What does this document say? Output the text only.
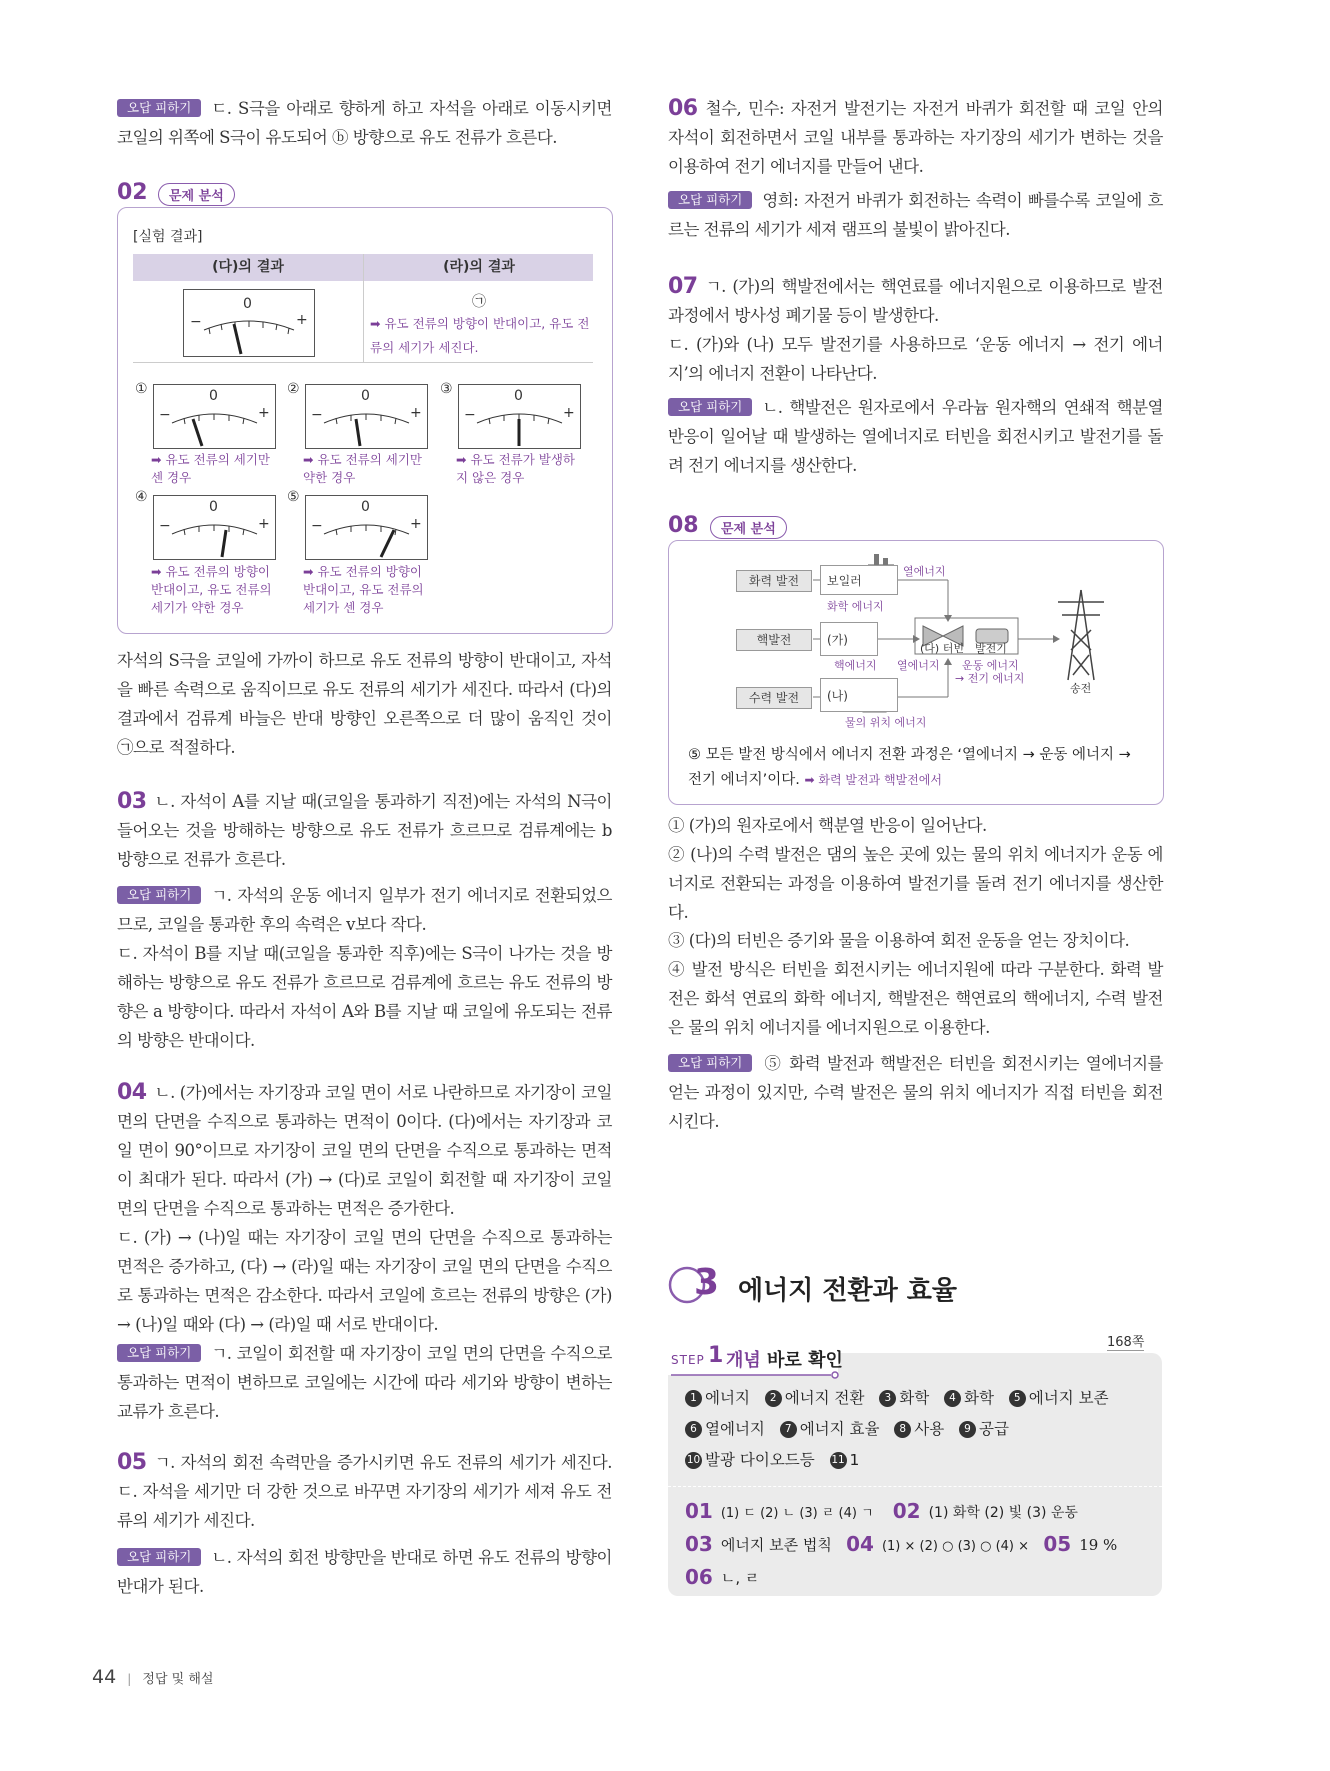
오답 피하기 ㄷ. S극을 아래로 향하게 하고 자석을 아래로 이동시키면 코일의 위쪽에 S극이 유도되어 ⓑ 방향으로 유도 전류가 흐른다.

02	문제 분석
[실험 결과]
(다)의 결과	(라)의 결과
0
−	+
㉠
➡ 유도 전류의 방향이 반대이고, 유도 전류의 세기가 세진다.
①	0
−	+
➡ 유도 전류의 세기만 센 경우
②	0
−	+
➡ 유도 전류의 세기만 약한 경우
③	0
−	+
➡ 유도 전류가 발생하지 않은 경우
④
0
−	+
➡ 유도 전류의 방향이 반대이고, 유도 전류의 세기가 약한 경우
⑤
0
−	+
➡ 유도 전류의 방향이 반대이고, 유도 전류의 세기가 센 경우

자석의 S극을 코일에 가까이 하므로 유도 전류의 방향이 반대이고, 자석을 빠른 속력으로 움직이므로 유도 전류의 세기가 세진다. 따라서 (다)의 결과에서 검류계 바늘은 반대 방향인 오른쪽으로 더 많이 움직인 것이 ㉠으로 적절하다.

03 ㄴ. 자석이 A를 지날 때(코일을 통과하기 직전)에는 자석의 N극이 들어오는 것을 방해하는 방향으로 유도 전류가 흐르므로 검류계에는 b 방향으로 전류가 흐른다.

오답 피하기 ㄱ. 자석의 운동 에너지 일부가 전기 에너지로 전환되었으므로, 코일을 통과한 후의 속력은 v보다 작다.

ㄷ. 자석이 B를 지날 때(코일을 통과한 직후)에는 S극이 나가는 것을 방해하는 방향으로 유도 전류가 흐르므로 검류계에 흐르는 유도 전류의 방향은 a 방향이다. 따라서 자석이 A와 B를 지날 때 코일에 유도되는 전류의 방향은 반대이다.

04 ㄴ. (가)에서는 자기장과 코일 면이 서로 나란하므로 자기장이 코일 면의 단면을 수직으로 통과하는 면적이 0이다. (다)에서는 자기장과 코일 면이 90°이므로 자기장이 코일 면의 단면을 수직으로 통과하는 면적이 최대가 된다. 따라서 (가) → (다)로 코일이 회전할 때 자기장이 코일 면의 단면을 수직으로 통과하는 면적은 증가한다.

ㄷ. (가) → (나)일 때는 자기장이 코일 면의 단면을 수직으로 통과하는 면적은 증가하고, (다) → (라)일 때는 자기장이 코일 면의 단면을 수직으로 통과하는 면적은 감소한다. 따라서 코일에 흐르는 전류의 방향은 (가) → (나)일 때와 (다) → (라)일 때 서로 반대이다.

오답 피하기 ㄱ. 코일이 회전할 때 자기장이 코일 면의 단면을 수직으로 통과하는 면적이 변하므로 코일에는 시간에 따라 세기와 방향이 변하는 교류가 흐른다.

05 ㄱ. 자석의 회전 속력만을 증가시키면 유도 전류의 세기가 세진다. ㄷ. 자석을 세기만 더 강한 것으로 바꾸면 자기장의 세기가 세져 유도 전류의 세기가 세진다.

오답 피하기 ㄴ. 자석의 회전 방향만을 반대로 하면 유도 전류의 방향이 반대가 된다.

06 철수, 민수: 자전거 발전기는 자전거 바퀴가 회전할 때 코일 안의 자석이 회전하면서 코일 내부를 통과하는 자기장의 세기가 변하는 것을 이용하여 전기 에너지를 만들어 낸다.

오답 피하기 영희: 자전거 바퀴가 회전하는 속력이 빠를수록 코일에 흐르는 전류의 세기가 세져 램프의 불빛이 밝아진다.

07 ㄱ. (가)의 핵발전에서는 핵연료를 에너지원으로 이용하므로 발전 과정에서 방사성 폐기물 등이 발생한다.

ㄷ. (가)와 (나) 모두 발전기를 사용하므로 ‘운동 에너지 → 전기 에너지’의 에너지 전환이 나타난다.

오답 피하기 ㄴ. 핵발전은 원자로에서 우라늄 원자핵의 연쇄적 핵분열 반응이 일어날 때 발생하는 열에너지로 터빈을 회전시키고 발전기를 돌려 전기 에너지를 생산한다.

08	문제 분석
화력 발전
핵발전
수력 발전
보일러
(가)
(나)
열에너지
화학 에너지
핵에너지 열에너지
(다) 터빈 발전기
운동 에너지
→ 전기 에너지
물의 위치 에너지
송전
⑤ 모든 발전 방식에서 에너지 전환 과정은 ‘열에너지 → 운동 에너지 → 전기 에너지’이다. ➡ 화력 발전과 핵발전에서

① (가)의 원자로에서 핵분열 반응이 일어난다.

② (나)의 수력 발전은 댐의 높은 곳에 있는 물의 위치 에너지가 운동 에너지로 전환되는 과정을 이용하여 발전기를 돌려 전기 에너지를 생산한다.

③ (다)의 터빈은 증기와 물을 이용하여 회전 운동을 얻는 장치이다.

④ 발전 방식은 터빈을 회전시키는 에너지원에 따라 구분한다. 화력 발전은 화석 연료의 화학 에너지, 핵발전은 핵연료의 핵에너지, 수력 발전은 물의 위치 에너지를 에너지원으로 이용한다.

오답 피하기 ⑤ 화력 발전과 핵발전은 터빈을 회전시키는 열에너지를 얻는 과정이 있지만, 수력 발전은 물의 위치 에너지가 직접 터빈을 회전시킨다.

3 에너지 전환과 효율
STEP 1 개념 바로 확인
168쪽
1 에너지 2 에너지 전환 3 화학 4 화학 5 에너지 보존
6 열에너지 7 에너지 효율 8 사용 9 공급
10 발광 다이오드등 11 1
01 (1) ㄷ (2) ㄴ (3) ㄹ (4) ㄱ 02 (1) 화학 (2) 빛 (3) 운동
03 에너지 보존 법칙 04 (1) × (2) ○ (3) ○ (4) × 05 19 %
06 ㄴ, ㄹ
44 | 정답 및 해설
